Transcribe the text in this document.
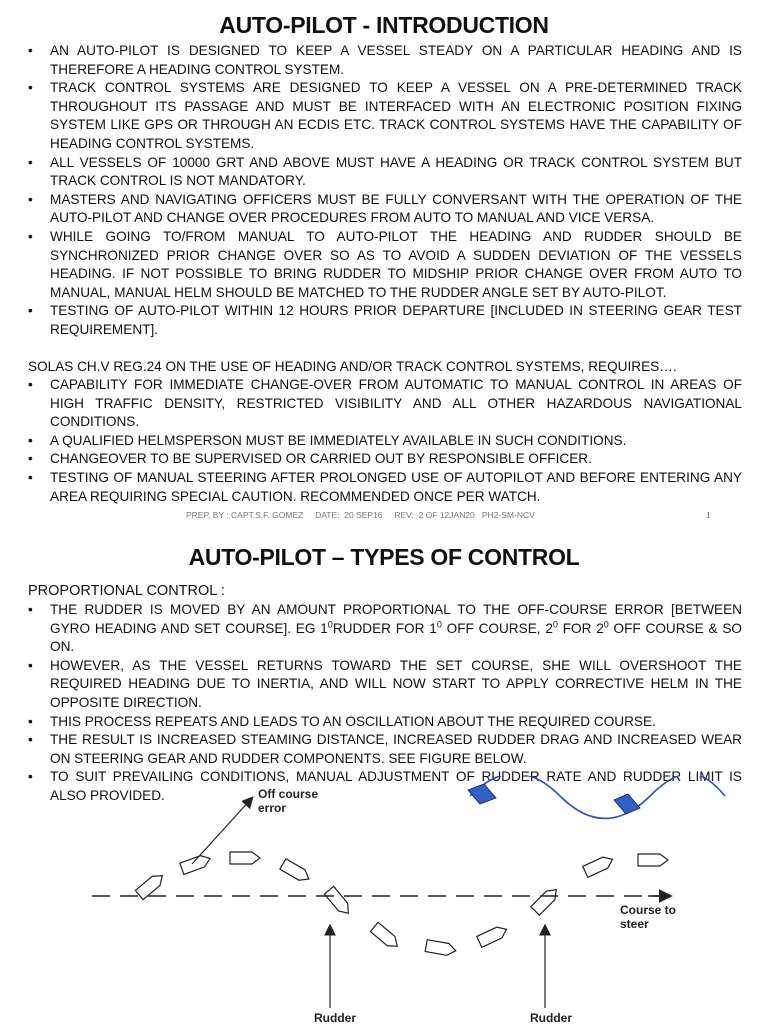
AUTO-PILOT - INTRODUCTION
• AN AUTO-PILOT IS DESIGNED TO KEEP A VESSEL STEADY ON A PARTICULAR HEADING AND IS THEREFORE A HEADING CONTROL SYSTEM.
• TRACK CONTROL SYSTEMS ARE DESIGNED TO KEEP A VESSEL ON A PRE-DETERMINED TRACK THROUGHOUT ITS PASSAGE AND MUST BE INTERFACED WITH AN ELECTRONIC POSITION FIXING SYSTEM LIKE GPS OR THROUGH AN ECDIS ETC. TRACK CONTROL SYSTEMS HAVE THE CAPABILITY OF HEADING CONTROL SYSTEMS.
• ALL VESSELS OF 10000 GRT AND ABOVE MUST HAVE A HEADING OR TRACK CONTROL SYSTEM BUT TRACK CONTROL IS NOT MANDATORY.
• MASTERS AND NAVIGATING OFFICERS MUST BE FULLY CONVERSANT WITH THE OPERATION OF THE AUTO-PILOT AND CHANGE OVER PROCEDURES FROM AUTO TO MANUAL AND VICE VERSA.
• WHILE GOING TO/FROM MANUAL TO AUTO-PILOT THE HEADING AND RUDDER SHOULD BE SYNCHRONIZED PRIOR CHANGE OVER SO AS TO AVOID A SUDDEN DEVIATION OF THE VESSELS HEADING. IF NOT POSSIBLE TO BRING RUDDER TO MIDSHIP PRIOR CHANGE OVER FROM AUTO TO MANUAL, MANUAL HELM SHOULD BE MATCHED TO THE RUDDER ANGLE SET BY AUTO-PILOT.
• TESTING OF AUTO-PILOT WITHIN 12 HOURS PRIOR DEPARTURE [INCLUDED IN STEERING GEAR TEST REQUIREMENT].

SOLAS CH.V REG.24 ON THE USE OF HEADING AND/OR TRACK CONTROL SYSTEMS, REQUIRES….

• CAPABILITY FOR IMMEDIATE CHANGE-OVER FROM AUTOMATIC TO MANUAL CONTROL IN AREAS OF HIGH TRAFFIC DENSITY, RESTRICTED VISIBILITY AND ALL OTHER HAZARDOUS NAVIGATIONAL CONDITIONS.
• A QUALIFIED HELMSPERSON MUST BE IMMEDIATELY AVAILABLE IN SUCH CONDITIONS.
• CHANGEOVER TO BE SUPERVISED OR CARRIED OUT BY RESPONSIBLE OFFICER.
• TESTING OF MANUAL STEERING AFTER PROLONGED USE OF AUTOPILOT AND BEFORE ENTERING ANY AREA REQUIRING SPECIAL CAUTION. RECOMMENDED ONCE PER WATCH.
PREP. BY : CAPT.S.F. GOMEZ     DATE:  20 SEP16     REV:  2 OF 12JAN20   PH2-SM-NCV	1
AUTO-PILOT – TYPES OF CONTROL

PROPORTIONAL CONTROL :

• THE RUDDER IS MOVED BY AN AMOUNT PROPORTIONAL TO THE OFF-COURSE ERROR [BETWEEN GYRO HEADING AND SET COURSE]. EG $1^0RUDDER$ FOR $1^0$ OFF COURSE, $2^0$ FOR $2^0$ OFF COURSE & SO ON.
• HOWEVER, AS THE VESSEL RETURNS TOWARD THE SET COURSE, SHE WILL OVERSHOOT THE REQUIRED HEADING DUE TO INERTIA, AND WILL NOW START TO APPLY CORRECTIVE HELM IN THE OPPOSITE DIRECTION.
• THIS PROCESS REPEATS AND LEADS TO AN OSCILLATION ABOUT THE REQUIRED COURSE.
• THE RESULT IS INCREASED STEAMING DISTANCE, INCREASED RUDDER DRAG AND INCREASED WEAR ON STEERING GEAR AND RUDDER COMPONENTS. SEE FIGURE BELOW.
• TO SUIT PREVAILING CONDITIONS, MANUAL ADJUSTMENT OF RUDDER RATE AND RUDDER LIMIT IS ALSO PROVIDED.	Off course
error
Course to
steer
Rudder	Rudder
